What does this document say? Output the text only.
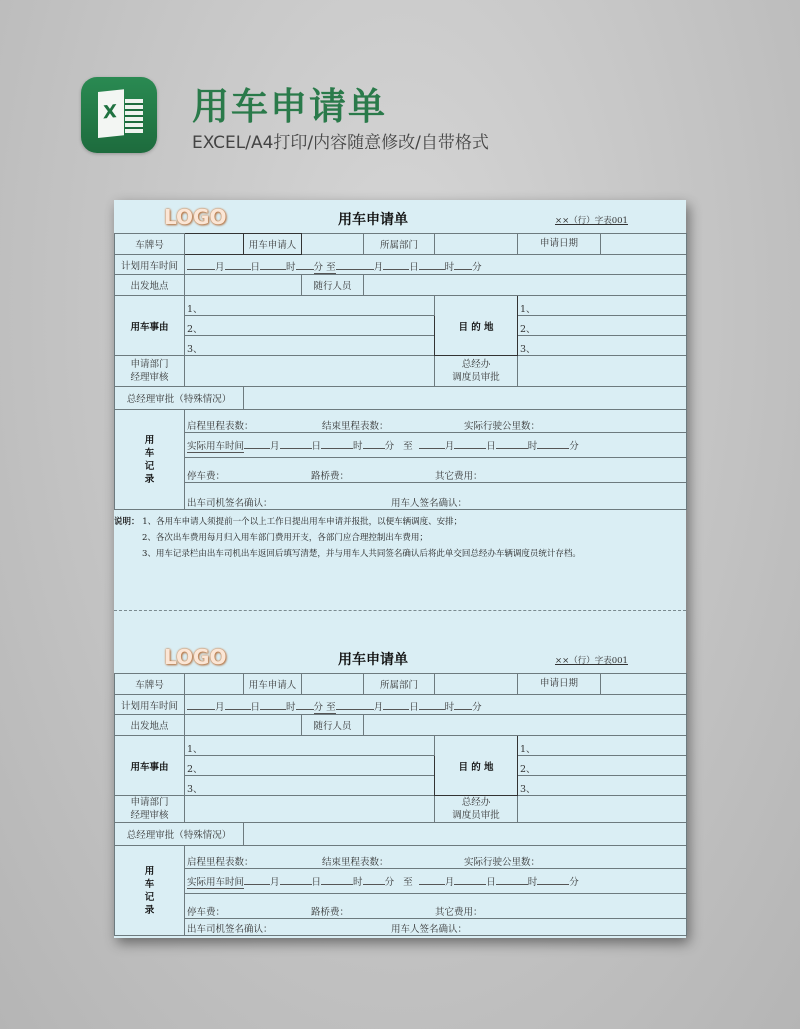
X 用车申请单
EXCEL/A4打印/内容随意修改/自带格式
LOGO	用车申请单	××（行）字表001
车牌号		用车申请人		所属部门		申请日期

计划用车时间	月 日 时 分 至 月 日 时 分					
出发地点			随行人员			
用车事由	1、				目 的 地	1、
	2、					2、
	3、					3、
申请部门
经理审核					总经办
调度员审批	
总经理审批（特殊情况）						
用
车
记
录	启程里程表数： 结束里程表数： 实际行驶公里数：					
	实际用车时间 月 日 时 分 至 月 日 时 分					
	停车费： 路桥费： 其它费用：					
	出车司机签名确认： 用车人签名确认：					
说明： 1、各用车申请人须提前一个以上工作日提出用车申请并报批，以便车辆调度、安排；
2、各次出车费用每月归入用车部门费用开支，各部门应合理控制出车费用；
3、用车记录栏由出车司机出车返回后填写清楚，并与用车人共同签名确认后将此单交回总经办车辆调度员统计存档。
LOGO	用车申请单	××（行）字表001
车牌号		用车申请人		所属部门		申请日期

计划用车时间	月 日 时 分 至 月 日 时 分					
出发地点			随行人员			
用车事由	1、				目 的 地	1、
	2、					2、
	3、					3、
申请部门
经理审核					总经办
调度员审批	
总经理审批（特殊情况）						
用
车
记
录	启程里程表数： 结束里程表数： 实际行驶公里数：					
	实际用车时间 月 日 时 分 至 月 日 时 分					
	停车费： 路桥费： 其它费用：					
	出车司机签名确认： 用车人签名确认：					
